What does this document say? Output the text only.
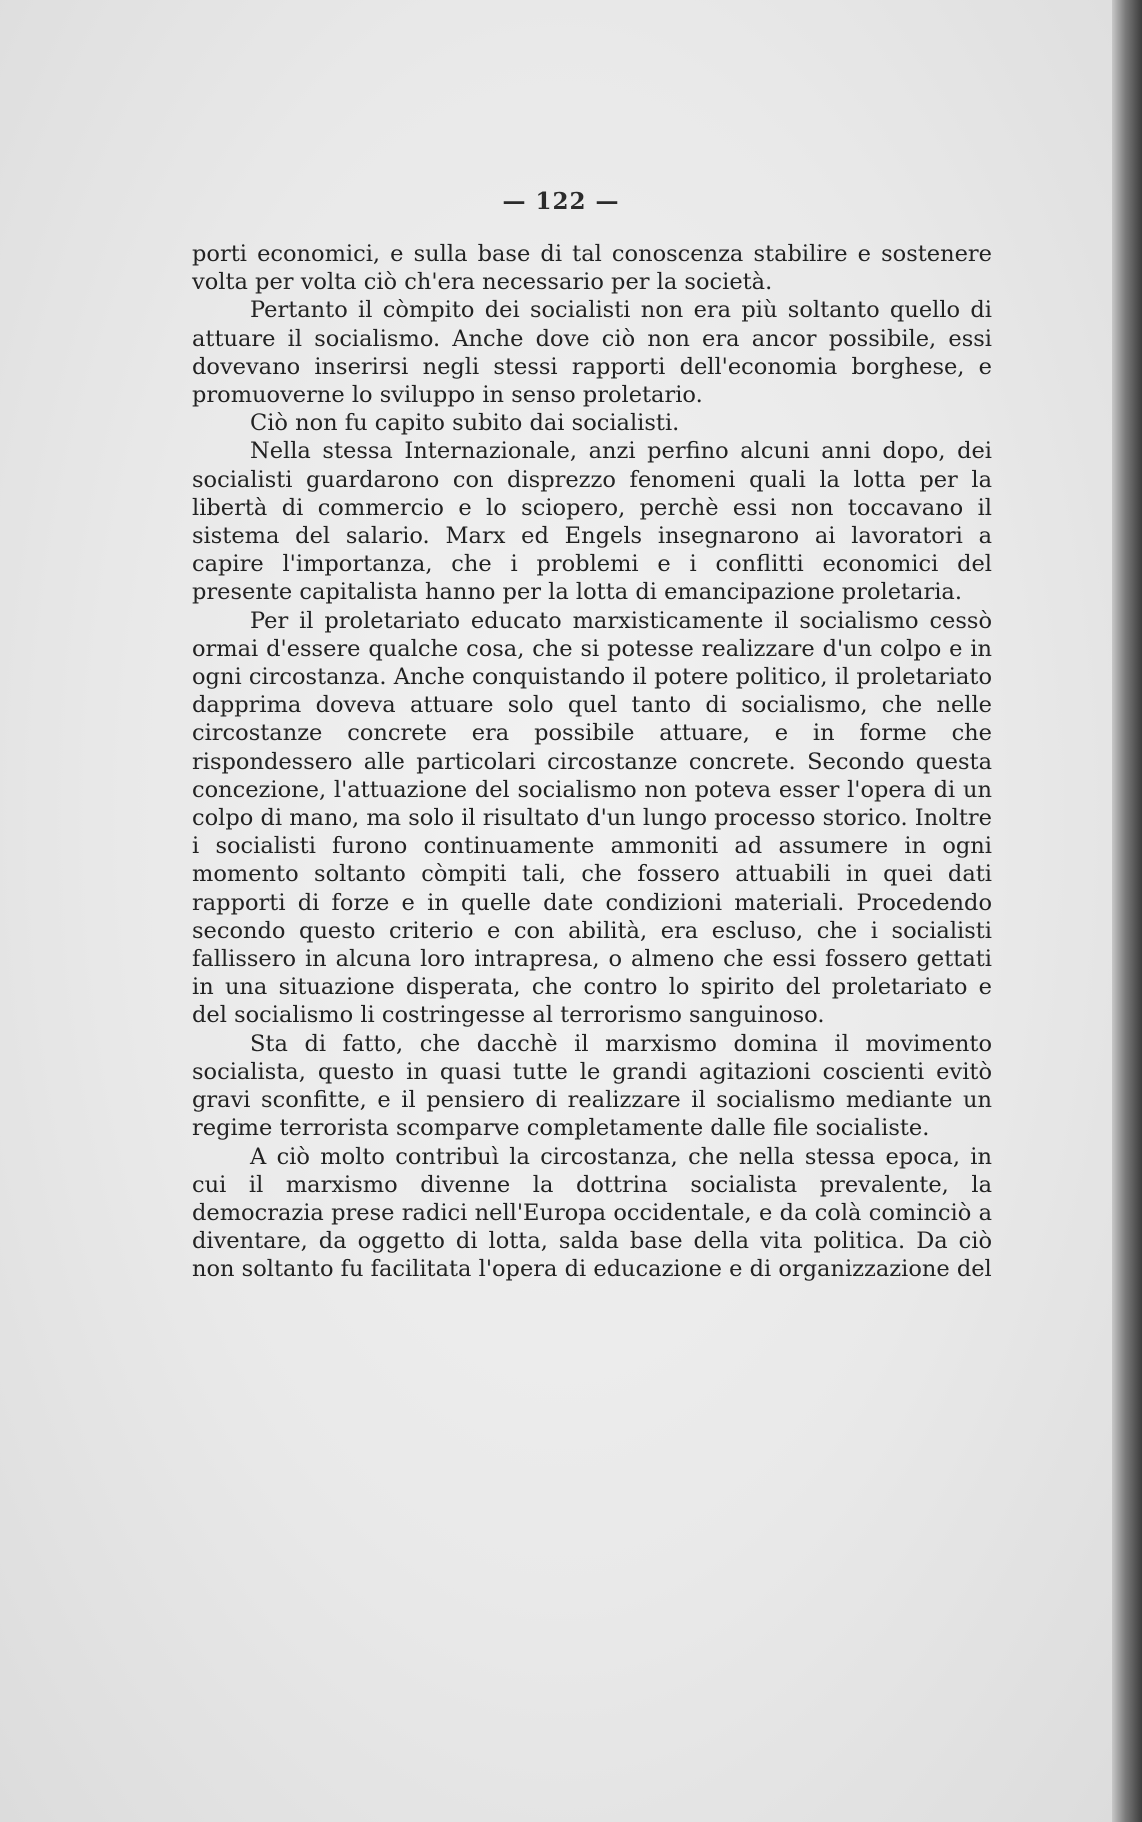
— 122 —

porti economici, e sulla base di tal conoscenza stabilire e sostenere volta per volta ciò ch'era necessario per la società.

Pertanto il còmpito dei socialisti non era più soltanto quello di attuare il socialismo. Anche dove ciò non era ancor possibile, essi dovevano inserirsi negli stessi rapporti dell'economia borghese, e promuoverne lo sviluppo in senso proletario.

Ciò non fu capito subito dai socialisti.

Nella stessa Internazionale, anzi perfino alcuni anni dopo, dei socialisti guardarono con disprezzo fenomeni quali la lotta per la libertà di commercio e lo sciopero, perchè essi non toccavano il sistema del salario. Marx ed Engels insegnarono ai lavoratori a capire l'importanza, che i problemi e i conflitti economici del presente capitalista hanno per la lotta di emancipazione proletaria.

Per il proletariato educato marxisticamente il socialismo cessò ormai d'essere qualche cosa, che si potesse realizzare d'un colpo e in ogni circostanza. Anche conquistando il potere politico, il proletariato dapprima doveva attuare solo quel tanto di socialismo, che nelle circostanze concrete era possibile attuare, e in forme che rispondessero alle particolari circostanze concrete. Secondo questa concezione, l'attuazione del socialismo non poteva esser l'opera di un colpo di mano, ma solo il risultato d'un lungo processo storico. Inoltre i socialisti furono continuamente ammoniti ad assumere in ogni momento soltanto còmpiti tali, che fossero attuabili in quei dati rapporti di forze e in quelle date condizioni materiali. Procedendo secondo questo criterio e con abilità, era escluso, che i socialisti fallissero in alcuna loro intrapresa, o almeno che essi fossero gettati in una situazione disperata, che contro lo spirito del proletariato e del socialismo li costringesse al terrorismo sanguinoso.

Sta di fatto, che dacchè il marxismo domina il movimento socialista, questo in quasi tutte le grandi agitazioni coscienti evitò gravi sconfitte, e il pensiero di realizzare il socialismo mediante un regime terrorista scomparve completamente dalle file socialiste.

A ciò molto contribuì la circostanza, che nella stessa epoca, in cui il marxismo divenne la dottrina socialista prevalente, la democrazia prese radici nell'Europa occidentale, e da colà cominciò a diventare, da oggetto di lotta, salda base della vita politica. Da ciò non soltanto fu facilitata l'opera di educazione e di organizzazione del
